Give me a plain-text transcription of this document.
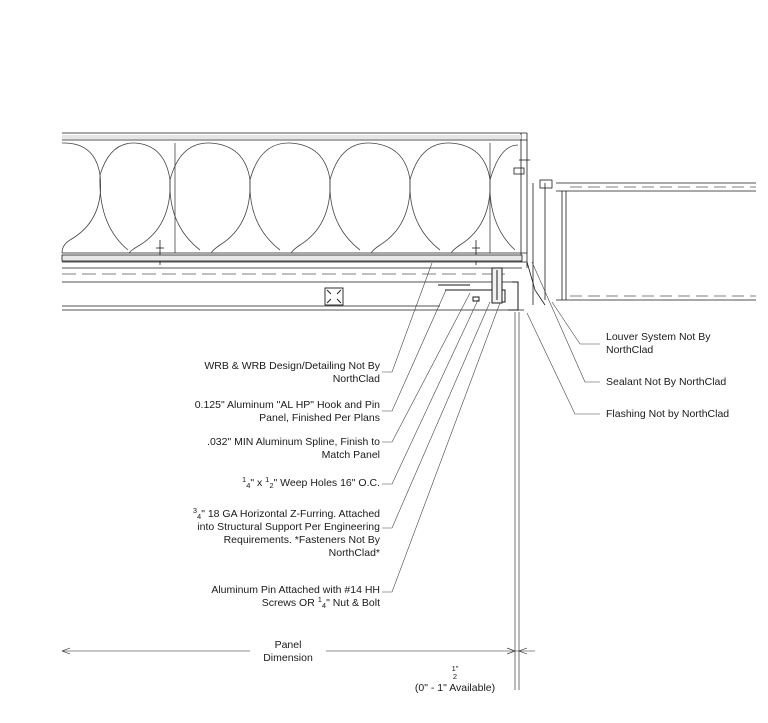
WRB & WRB Design/Detailing Not By
NorthClad
0.125" Aluminum "AL HP" Hook and Pin
Panel, Finished Per Plans
.032" MIN Aluminum Spline, Finish to
Match Panel
$^1$4" x $^1$2" Weep Holes 16" O.C.
$^3$4" 18 GA Horizontal Z-Furring. Attached
into Structural Support Per Engineering
Requirements. *Fasteners Not By
NorthClad*
Aluminum Pin Attached with #14 HH
Screws OR $^1$4" Nut & Bolt
Louver System Not By
NorthClad
Sealant Not By NorthClad
Flashing Not by NorthClad
Panel
Dimension
1"
2
(0" - 1" Available)
